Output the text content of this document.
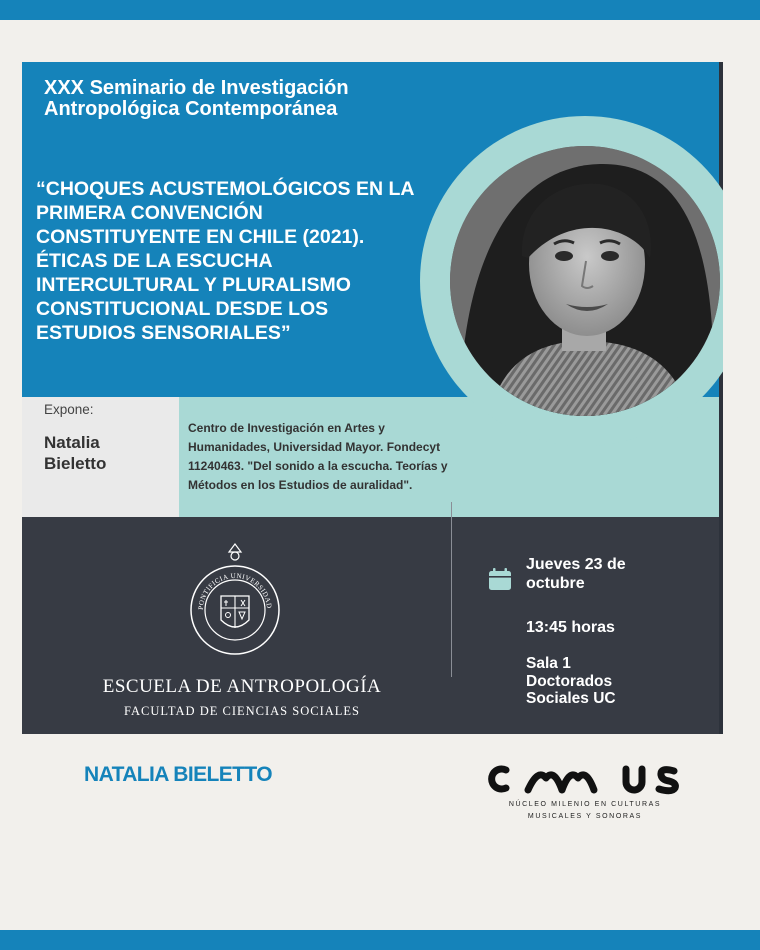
XXX Seminario de Investigación
Antropológica Contemporánea
“CHOQUES ACUSTEMOLÓGICOS EN LA
PRIMERA CONVENCIÓN
CONSTITUYENTE EN CHILE (2021).
ÉTICAS DE LA ESCUCHA
INTERCULTURAL Y PLURALISMO
CONSTITUCIONAL DESDE LOS
ESTUDIOS SENSORIALES”
Expone:
Natalia
Bieletto
Centro de Investigación en Artes y
Humanidades, Universidad Mayor. Fondecyt
11240463. "Del sonido a la escucha. Teorías y
Métodos en los Estudios de auralidad".
PONTIFICIA UNIVERSIDAD
ESCUELA DE ANTROPOLOGÍA
FACULTAD DE CIENCIAS SOCIALES
Jueves 23 de
octubre
13:45 horas
Sala 1
Doctorados
Sociales UC
NATALIA BIELETTO
NÚCLEO MILENIO EN CULTURAS
MUSICALES Y SONORAS
